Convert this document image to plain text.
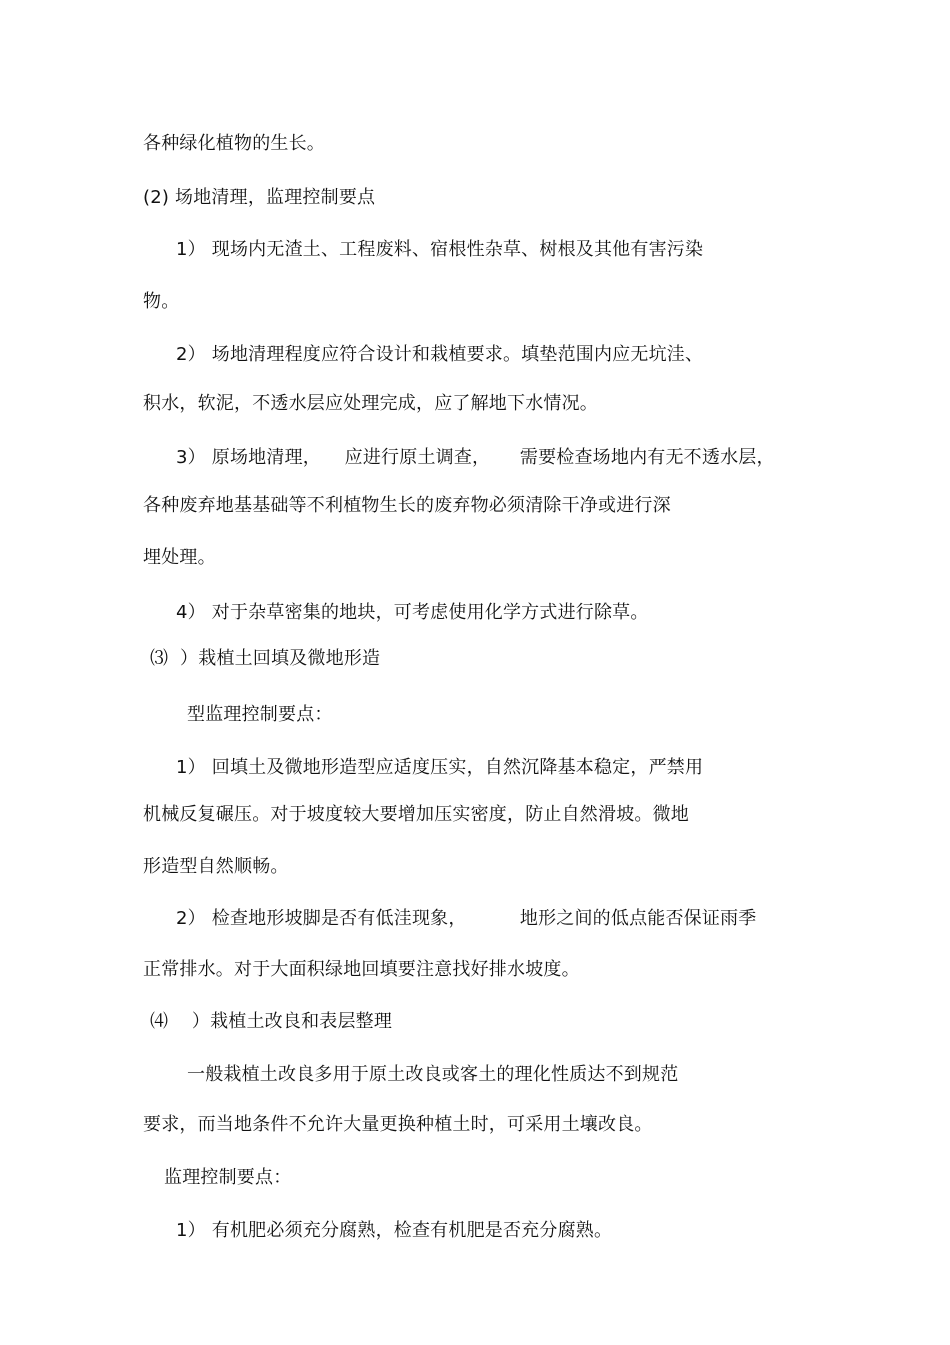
各种绿化植物的生长。
(2) 场地清理，监理控制要点
1） 现场内无渣土、工程废料、宿根性杂草、树根及其他有害污染
物。
2） 场地清理程度应符合设计和栽植要求。填垫范围内应无坑洼、
积水，软泥，不透水层应处理完成，应了解地下水情况。
3） 原场地清理，    应进行原土调查，     需要检查场地内有无不透水层，
各种废弃地基基础等不利植物生长的废弃物必须清除干净或进行深
埋处理。
4） 对于杂草密集的地块，可考虑使用化学方式进行除草。
⑶  ）栽植土回填及微地形造
型监理控制要点：
1） 回填土及微地形造型应适度压实，自然沉降基本稳定，严禁用
机械反复碾压。对于坡度较大要增加压实密度，防止自然滑坡。微地
形造型自然顺畅。
2） 检查地形坡脚是否有低洼现象，         地形之间的低点能否保证雨季
正常排水。对于大面积绿地回填要注意找好排水坡度。
⑷    ）栽植土改良和表层整理
一般栽植土改良多用于原土改良或客土的理化性质达不到规范
要求，而当地条件不允许大量更换种植土时，可采用土壤改良。
监理控制要点：
1） 有机肥必须充分腐熟，检查有机肥是否充分腐熟。
